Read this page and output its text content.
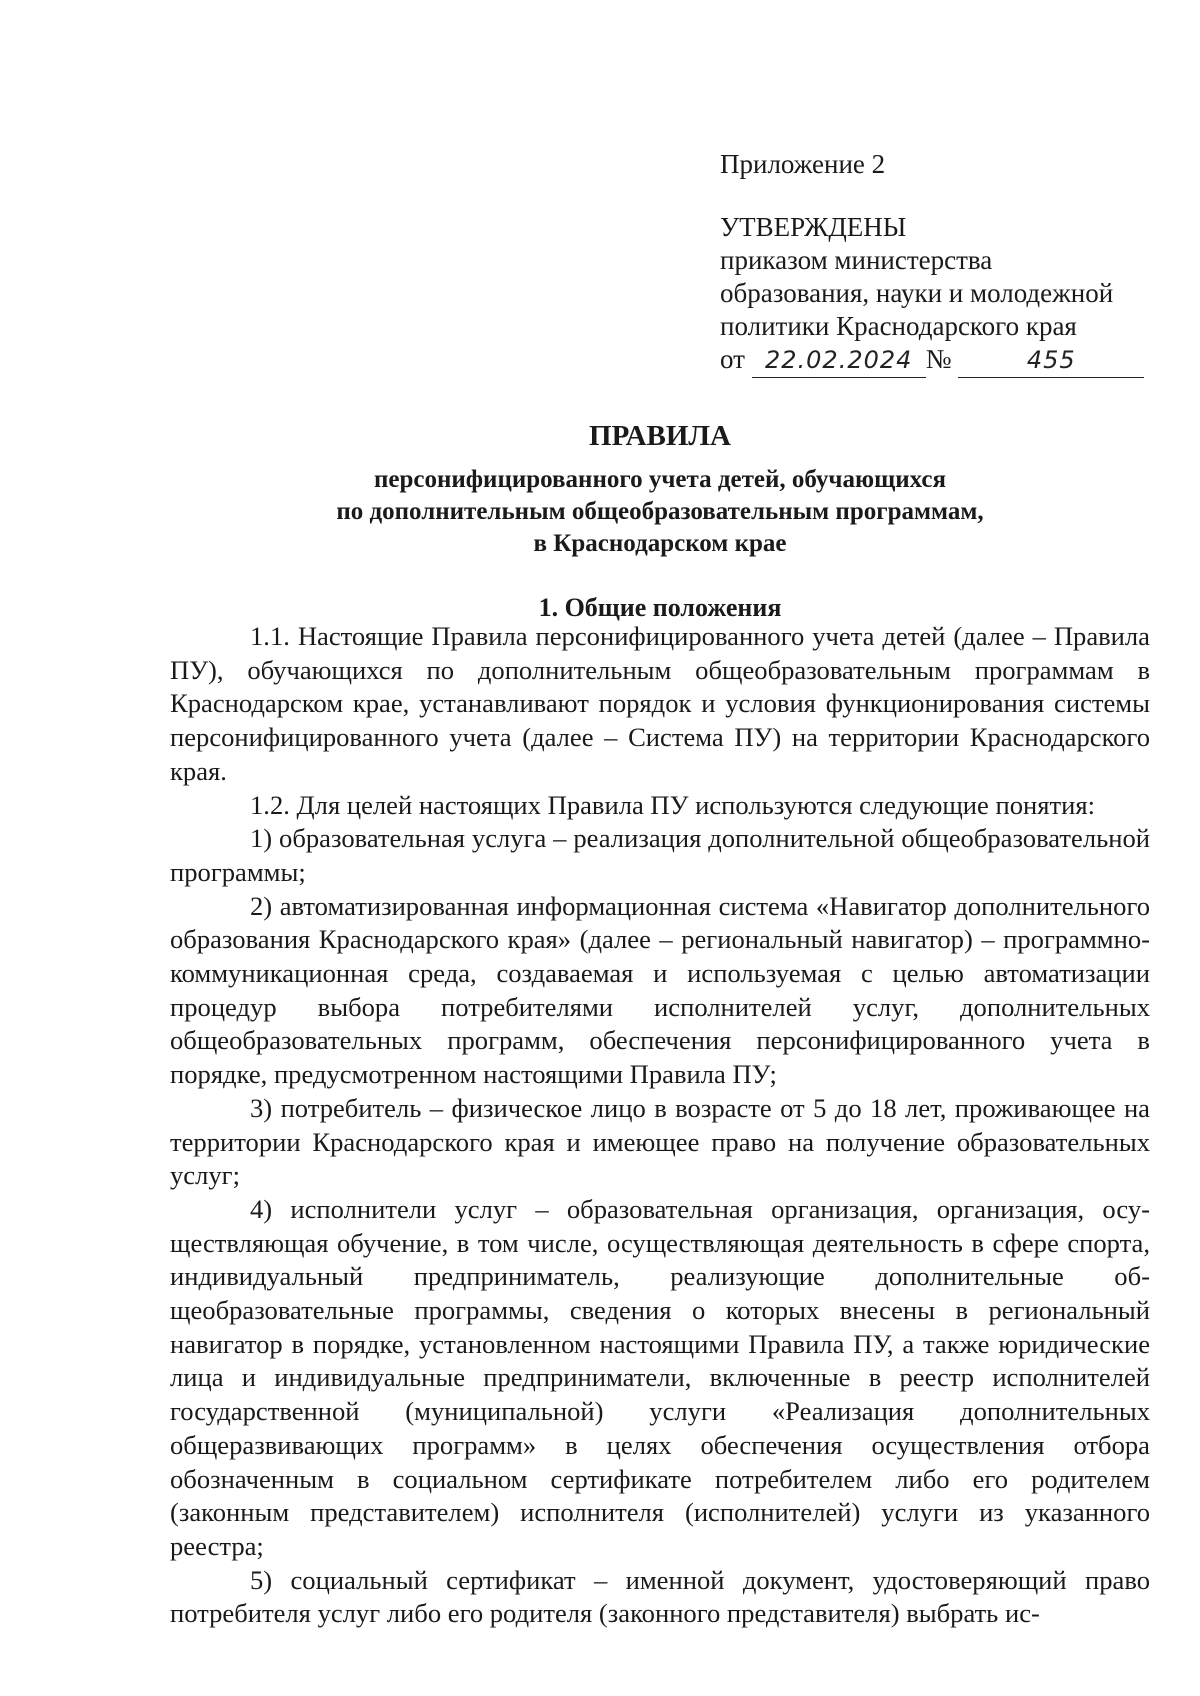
Приложение 2
УТВЕРЖДЕНЫ
приказом министерства
образования, науки и молодежной
политики Краснодарского края
от 22.02.2024 №	455
ПРАВИЛА
персонифицированного учета детей, обучающихся
по дополнительным общеобразовательным программам,
в Краснодарском крае
1. Общие положения

1.1. Настоящие Правила персонифицированного учета детей (далее – Правила ПУ), обучающихся по дополнительным общеобразовательным программам в Краснодарском крае, устанавливают порядок и условия функционирования системы персонифицированного учета (далее – Система ПУ) на территории Краснодарского края.

1.2. Для целей настоящих Правила ПУ используются следующие понятия:

1) образовательная услуга – реализация дополнительной общеобразовательной программы;

2) автоматизированная информационная система «Навигатор дополнительного образования Краснодарского края» (далее – региональный навигатор) – программно-коммуникационная среда, создаваемая и используемая с целью автоматизации процедур выбора потребителями исполнителей услуг, дополнительных общеобразовательных программ, обеспечения персонифицированного учета в порядке, предусмотренном настоящими Правила ПУ;

3) потребитель – физическое лицо в возрасте от 5 до 18 лет, проживающее на территории Краснодарского края и имеющее право на получение образовательных услуг;

4) исполнители услуг – образовательная организация, организация, осуществляющая обучение, в том числе, осуществляющая деятельность в сфере спорта, индивидуальный предприниматель, реализующие дополнительные общеобразовательные программы, сведения о которых внесены в региональный навигатор в порядке, установленном настоящими Правила ПУ, а также юридические лица и индивидуальные предприниматели, включенные в реестр исполнителей государственной (муниципальной) услуги «Реализация дополнительных общеразвивающих программ» в целях обеспечения осуществления отбора обозначенным в социальном сертификате потребителем либо его родителем (законным представителем) исполнителя (исполнителей) услуги из указанного реестра;

5) социальный сертификат – именной документ, удостоверяющий право потребителя услуг либо его родителя (законного представителя) выбрать ис-
